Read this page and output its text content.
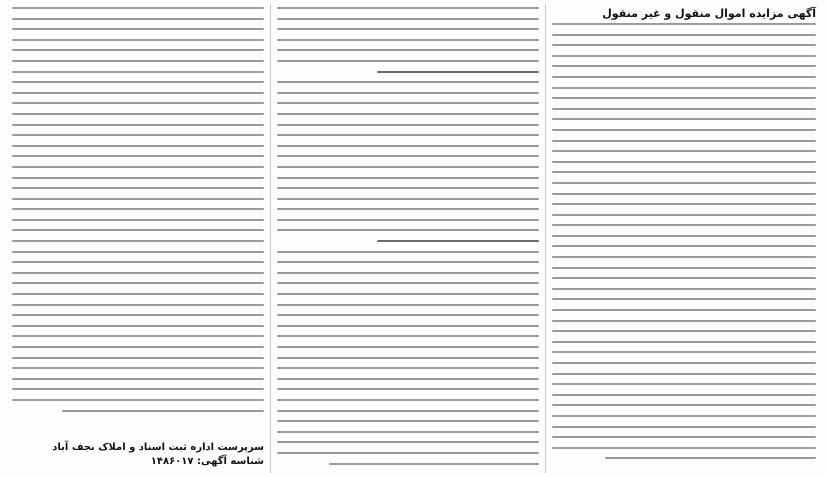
آگهی مزایده اموال منقول و غیر منقول
سرپرست اداره ثبت اسناد و املاک نجف آباد
شناسه آگهی: ۱۴۸۶۰۱۷
